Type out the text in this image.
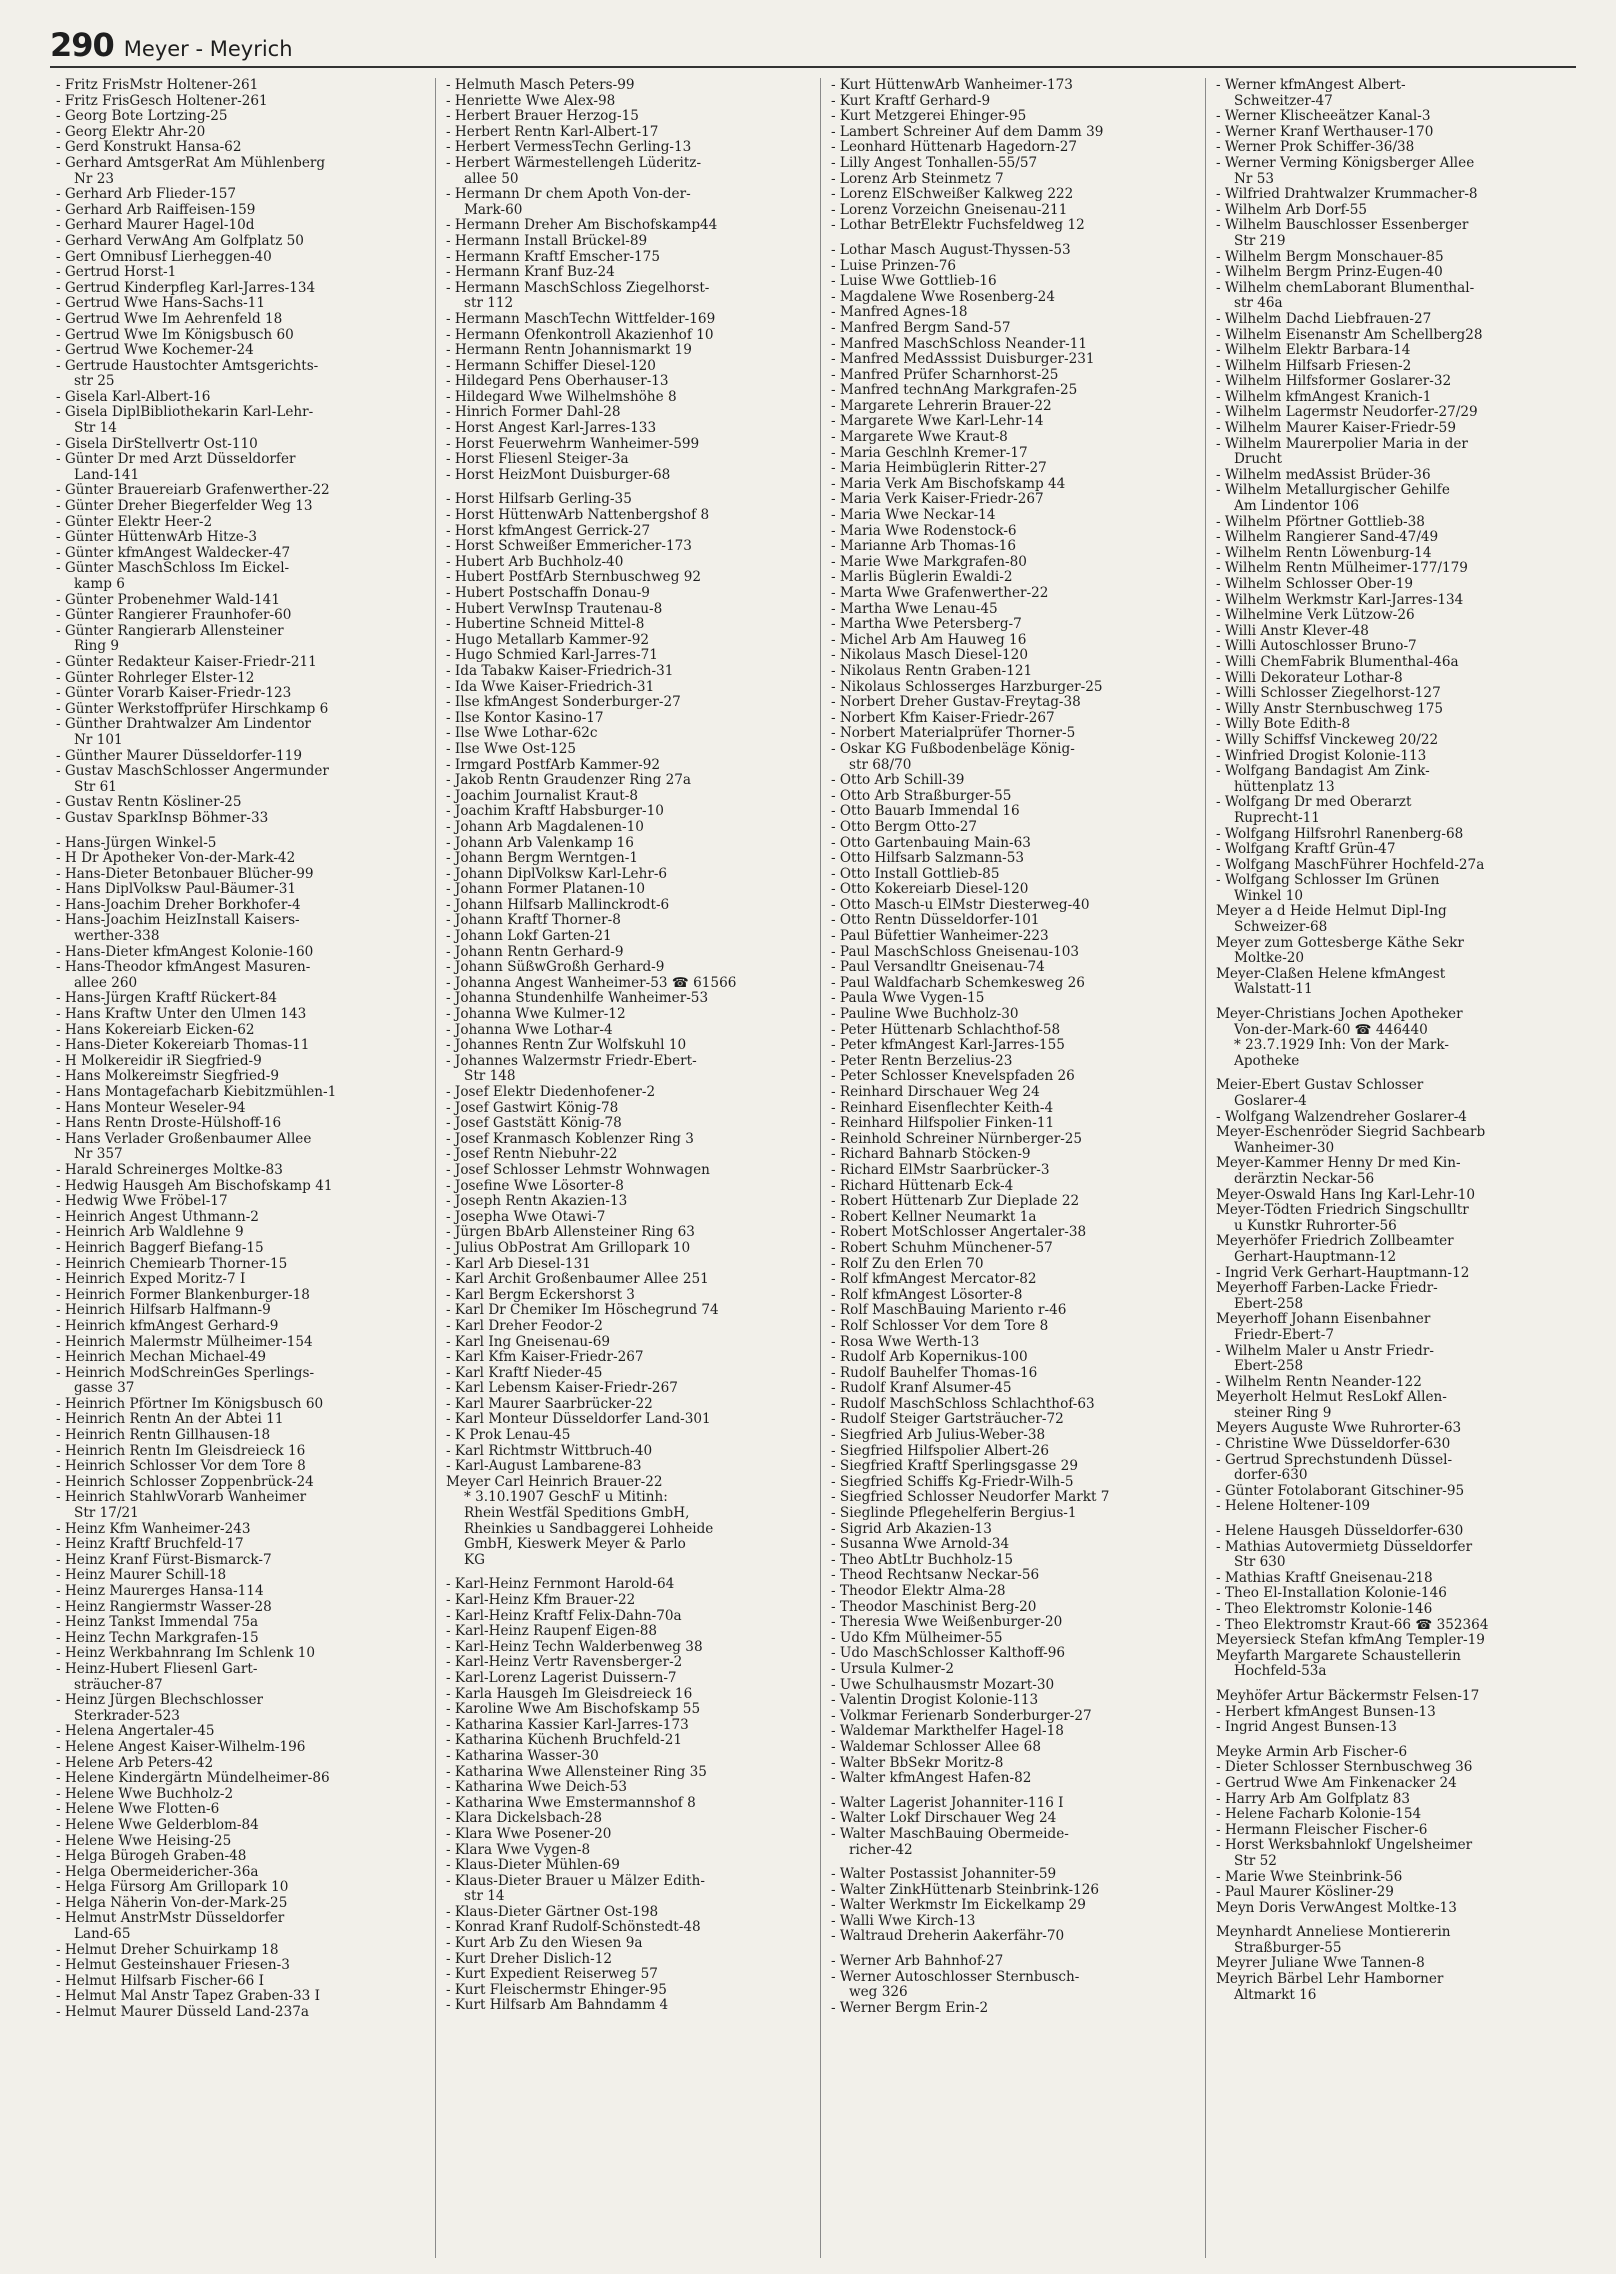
290 Meyer - Meyrich
- Fritz FrisMstr Holtener-261
- Fritz FrisGesch Holtener-261
- Georg Bote Lortzing-25
- Georg Elektr Ahr-20
- Gerd Konstrukt Hansa-62
- Gerhard AmtsgerRat Am Mühlenberg
Nr 23
- Gerhard Arb Flieder-157
- Gerhard Arb Raiffeisen-159
- Gerhard Maurer Hagel-10d
- Gerhard VerwAng Am Golfplatz 50
- Gert Omnibusf Lierheggen-40
- Gertrud Horst-1
- Gertrud Kinderpfleg Karl-Jarres-134
- Gertrud Wwe Hans-Sachs-11
- Gertrud Wwe Im Aehrenfeld 18
- Gertrud Wwe Im Königsbusch 60
- Gertrud Wwe Kochemer-24
- Gertrude Haustochter Amtsgerichts-
str 25
- Gisela Karl-Albert-16
- Gisela DiplBibliothekarin Karl-Lehr-
Str 14
- Gisela DirStellvertr Ost-110
- Günter Dr med Arzt Düsseldorfer
Land-141
- Günter Brauereiarb Grafenwerther-22
- Günter Dreher Biegerfelder Weg 13
- Günter Elektr Heer-2
- Günter HüttenwArb Hitze-3
- Günter kfmAngest Waldecker-47
- Günter MaschSchloss Im Eickel-
kamp 6
- Günter Probenehmer Wald-141
- Günter Rangierer Fraunhofer-60
- Günter Rangierarb Allensteiner
Ring 9
- Günter Redakteur Kaiser-Friedr-211
- Günter Rohrleger Elster-12
- Günter Vorarb Kaiser-Friedr-123
- Günter Werkstoffprüfer Hirschkamp 6
- Günther Drahtwalzer Am Lindentor
Nr 101
- Günther Maurer Düsseldorfer-119
- Gustav MaschSchlosser Angermunder
Str 61
- Gustav Rentn Kösliner-25
- Gustav SparkInsp Böhmer-33
- Hans-Jürgen Winkel-5
- H Dr Apotheker Von-der-Mark-42
- Hans-Dieter Betonbauer Blücher-99
- Hans DiplVolksw Paul-Bäumer-31
- Hans-Joachim Dreher Borkhofer-4
- Hans-Joachim HeizInstall Kaisers-
werther-338
- Hans-Dieter kfmAngest Kolonie-160
- Hans-Theodor kfmAngest Masuren-
allee 260
- Hans-Jürgen Kraftf Rückert-84
- Hans Kraftw Unter den Ulmen 143
- Hans Kokereiarb Eicken-62
- Hans-Dieter Kokereiarb Thomas-11
- H Molkereidir iR Siegfried-9
- Hans Molkereimstr Siegfried-9
- Hans Montagefacharb Kiebitzmühlen-1
- Hans Monteur Weseler-94
- Hans Rentn Droste-Hülshoff-16
- Hans Verlader Großenbaumer Allee
Nr 357
- Harald Schreinerges Moltke-83
- Hedwig Hausgeh Am Bischofskamp 41
- Hedwig Wwe Fröbel-17
- Heinrich Angest Uthmann-2
- Heinrich Arb Waldlehne 9
- Heinrich Baggerf Biefang-15
- Heinrich Chemiearb Thorner-15
- Heinrich Exped Moritz-7 I
- Heinrich Former Blankenburger-18
- Heinrich Hilfsarb Halfmann-9
- Heinrich kfmAngest Gerhard-9
- Heinrich Malermstr Mülheimer-154
- Heinrich Mechan Michael-49
- Heinrich ModSchreinGes Sperlings-
gasse 37
- Heinrich Pförtner Im Königsbusch 60
- Heinrich Rentn An der Abtei 11
- Heinrich Rentn Gillhausen-18
- Heinrich Rentn Im Gleisdreieck 16
- Heinrich Schlosser Vor dem Tore 8
- Heinrich Schlosser Zoppenbrück-24
- Heinrich StahlwVorarb Wanheimer
Str 17/21
- Heinz Kfm Wanheimer-243
- Heinz Kraftf Bruchfeld-17
- Heinz Kranf Fürst-Bismarck-7
- Heinz Maurer Schill-18
- Heinz Maurerges Hansa-114
- Heinz Rangiermstr Wasser-28
- Heinz Tankst Immendal 75a
- Heinz Techn Markgrafen-15
- Heinz Werkbahnrang Im Schlenk 10
- Heinz-Hubert Fliesenl Gart-
sträucher-87
- Heinz Jürgen Blechschlosser
Sterkrader-523
- Helena Angertaler-45
- Helene Angest Kaiser-Wilhelm-196
- Helene Arb Peters-42
- Helene Kindergärtn Mündelheimer-86
- Helene Wwe Buchholz-2
- Helene Wwe Flotten-6
- Helene Wwe Gelderblom-84
- Helene Wwe Heising-25
- Helga Bürogeh Graben-48
- Helga Obermeidericher-36a
- Helga Fürsorg Am Grillopark 10
- Helga Näherin Von-der-Mark-25
- Helmut AnstrMstr Düsseldorfer
Land-65
- Helmut Dreher Schuirkamp 18
- Helmut Gesteinshauer Friesen-3
- Helmut Hilfsarb Fischer-66 I
- Helmut Mal Anstr Tapez Graben-33 I
- Helmut Maurer Düsseld Land-237a
- Helmuth Masch Peters-99
- Henriette Wwe Alex-98
- Herbert Brauer Herzog-15
- Herbert Rentn Karl-Albert-17
- Herbert VermessTechn Gerling-13
- Herbert Wärmestellengeh Lüderitz-
allee 50
- Hermann Dr chem Apoth Von-der-
Mark-60
- Hermann Dreher Am Bischofskamp44
- Hermann Install Brückel-89
- Hermann Kraftf Emscher-175
- Hermann Kranf Buz-24
- Hermann MaschSchloss Ziegelhorst-
str 112
- Hermann MaschTechn Wittfelder-169
- Hermann Ofenkontroll Akazienhof 10
- Hermann Rentn Johannismarkt 19
- Hermann Schiffer Diesel-120
- Hildegard Pens Oberhauser-13
- Hildegard Wwe Wilhelmshöhe 8
- Hinrich Former Dahl-28
- Horst Angest Karl-Jarres-133
- Horst Feuerwehrm Wanheimer-599
- Horst Fliesenl Steiger-3a
- Horst HeizMont Duisburger-68
- Horst Hilfsarb Gerling-35
- Horst HüttenwArb Nattenbergshof 8
- Horst kfmAngest Gerrick-27
- Horst Schweißer Emmericher-173
- Hubert Arb Buchholz-40
- Hubert PostfArb Sternbuschweg 92
- Hubert Postschaffn Donau-9
- Hubert VerwInsp Trautenau-8
- Hubertine Schneid Mittel-8
- Hugo Metallarb Kammer-92
- Hugo Schmied Karl-Jarres-71
- Ida Tabakw Kaiser-Friedrich-31
- Ida Wwe Kaiser-Friedrich-31
- Ilse kfmAngest Sonderburger-27
- Ilse Kontor Kasino-17
- Ilse Wwe Lothar-62c
- Ilse Wwe Ost-125
- Irmgard PostfArb Kammer-92
- Jakob Rentn Graudenzer Ring 27a
- Joachim Journalist Kraut-8
- Joachim Kraftf Habsburger-10
- Johann Arb Magdalenen-10
- Johann Arb Valenkamp 16
- Johann Bergm Werntgen-1
- Johann DiplVolksw Karl-Lehr-6
- Johann Former Platanen-10
- Johann Hilfsarb Mallinckrodt-6
- Johann Kraftf Thorner-8
- Johann Lokf Garten-21
- Johann Rentn Gerhard-9
- Johann SüßwGroßh Gerhard-9
- Johanna Angest Wanheimer-53 ☎ 61566
- Johanna Stundenhilfe Wanheimer-53
- Johanna Wwe Kulmer-12
- Johanna Wwe Lothar-4
- Johannes Rentn Zur Wolfskuhl 10
- Johannes Walzermstr Friedr-Ebert-
Str 148
- Josef Elektr Diedenhofener-2
- Josef Gastwirt König-78
- Josef Gaststätt König-78
- Josef Kranmasch Koblenzer Ring 3
- Josef Rentn Niebuhr-22
- Josef Schlosser Lehmstr Wohnwagen
- Josefine Wwe Lösorter-8
- Joseph Rentn Akazien-13
- Josepha Wwe Otawi-7
- Jürgen BbArb Allensteiner Ring 63
- Julius ObPostrat Am Grillopark 10
- Karl Arb Diesel-131
- Karl Archit Großenbaumer Allee 251
- Karl Bergm Eckershorst 3
- Karl Dr Chemiker Im Höschegrund 74
- Karl Dreher Feodor-2
- Karl Ing Gneisenau-69
- Karl Kfm Kaiser-Friedr-267
- Karl Kraftf Nieder-45
- Karl Lebensm Kaiser-Friedr-267
- Karl Maurer Saarbrücker-22
- Karl Monteur Düsseldorfer Land-301
- K Prok Lenau-45
- Karl Richtmstr Wittbruch-40
- Karl-August Lambarene-83
Meyer Carl Heinrich Brauer-22
* 3.10.1907 GeschF u Mitinh:
Rhein Westfäl Speditions GmbH,
Rheinkies u Sandbaggerei Lohheide
GmbH, Kieswerk Meyer & Parlo
KG
- Karl-Heinz Fernmont Harold-64
- Karl-Heinz Kfm Brauer-22
- Karl-Heinz Kraftf Felix-Dahn-70a
- Karl-Heinz Raupenf Eigen-88
- Karl-Heinz Techn Walderbenweg 38
- Karl-Heinz Vertr Ravensberger-2
- Karl-Lorenz Lagerist Duissern-7
- Karla Hausgeh Im Gleisdreieck 16
- Karoline Wwe Am Bischofskamp 55
- Katharina Kassier Karl-Jarres-173
- Katharina Küchenh Bruchfeld-21
- Katharina Wasser-30
- Katharina Wwe Allensteiner Ring 35
- Katharina Wwe Deich-53
- Katharina Wwe Emstermannshof 8
- Klara Dickelsbach-28
- Klara Wwe Posener-20
- Klara Wwe Vygen-8
- Klaus-Dieter Mühlen-69
- Klaus-Dieter Brauer u Mälzer Edith-
str 14
- Klaus-Dieter Gärtner Ost-198
- Konrad Kranf Rudolf-Schönstedt-48
- Kurt Arb Zu den Wiesen 9a
- Kurt Dreher Dislich-12
- Kurt Expedient Reiserweg 57
- Kurt Fleischermstr Ehinger-95
- Kurt Hilfsarb Am Bahndamm 4
- Kurt HüttenwArb Wanheimer-173
- Kurt Kraftf Gerhard-9
- Kurt Metzgerei Ehinger-95
- Lambert Schreiner Auf dem Damm 39
- Leonhard Hüttenarb Hagedorn-27
- Lilly Angest Tonhallen-55/57
- Lorenz Arb Steinmetz 7
- Lorenz ElSchweißer Kalkweg 222
- Lorenz Vorzeichn Gneisenau-211
- Lothar BetrElektr Fuchsfeldweg 12
- Lothar Masch August-Thyssen-53
- Luise Prinzen-76
- Luise Wwe Gottlieb-16
- Magdalene Wwe Rosenberg-24
- Manfred Agnes-18
- Manfred Bergm Sand-57
- Manfred MaschSchloss Neander-11
- Manfred MedAsssist Duisburger-231
- Manfred Prüfer Scharnhorst-25
- Manfred technAng Markgrafen-25
- Margarete Lehrerin Brauer-22
- Margarete Wwe Karl-Lehr-14
- Margarete Wwe Kraut-8
- Maria Geschlnh Kremer-17
- Maria Heimbüglerin Ritter-27
- Maria Verk Am Bischofskamp 44
- Maria Verk Kaiser-Friedr-267
- Maria Wwe Neckar-14
- Maria Wwe Rodenstock-6
- Marianne Arb Thomas-16
- Marie Wwe Markgrafen-80
- Marlis Büglerin Ewaldi-2
- Marta Wwe Grafenwerther-22
- Martha Wwe Lenau-45
- Martha Wwe Petersberg-7
- Michel Arb Am Hauweg 16
- Nikolaus Masch Diesel-120
- Nikolaus Rentn Graben-121
- Nikolaus Schlosserges Harzburger-25
- Norbert Dreher Gustav-Freytag-38
- Norbert Kfm Kaiser-Friedr-267
- Norbert Materialprüfer Thorner-5
- Oskar KG Fußbodenbeläge König-
str 68/70
- Otto Arb Schill-39
- Otto Arb Straßburger-55
- Otto Bauarb Immendal 16
- Otto Bergm Otto-27
- Otto Gartenbauing Main-63
- Otto Hilfsarb Salzmann-53
- Otto Install Gottlieb-85
- Otto Kokereiarb Diesel-120
- Otto Masch-u ElMstr Diesterweg-40
- Otto Rentn Düsseldorfer-101
- Paul Büfettier Wanheimer-223
- Paul MaschSchloss Gneisenau-103
- Paul Versandltr Gneisenau-74
- Paul Waldfacharb Schemkesweg 26
- Paula Wwe Vygen-15
- Pauline Wwe Buchholz-30
- Peter Hüttenarb Schlachthof-58
- Peter kfmAngest Karl-Jarres-155
- Peter Rentn Berzelius-23
- Peter Schlosser Knevelspfaden 26
- Reinhard Dirschauer Weg 24
- Reinhard Eisenflechter Keith-4
- Reinhard Hilfspolier Finken-11
- Reinhold Schreiner Nürnberger-25
- Richard Bahnarb Stöcken-9
- Richard ElMstr Saarbrücker-3
- Richard Hüttenarb Eck-4
- Robert Hüttenarb Zur Dieplade 22
- Robert Kellner Neumarkt 1a
- Robert MotSchlosser Angertaler-38
- Robert Schuhm Münchener-57
- Rolf Zu den Erlen 70
- Rolf kfmAngest Mercator-82
- Rolf kfmAngest Lösorter-8
- Rolf MaschBauing Mariento r-46
- Rolf Schlosser Vor dem Tore 8
- Rosa Wwe Werth-13
- Rudolf Arb Kopernikus-100
- Rudolf Bauhelfer Thomas-16
- Rudolf Kranf Alsumer-45
- Rudolf MaschSchloss Schlachthof-63
- Rudolf Steiger Gartsträucher-72
- Siegfried Arb Julius-Weber-38
- Siegfried Hilfspolier Albert-26
- Siegfried Kraftf Sperlingsgasse 29
- Siegfried Schiffs Kg-Friedr-Wilh-5
- Siegfried Schlosser Neudorfer Markt 7
- Sieglinde Pflegehelferin Bergius-1
- Sigrid Arb Akazien-13
- Susanna Wwe Arnold-34
- Theo AbtLtr Buchholz-15
- Theod Rechtsanw Neckar-56
- Theodor Elektr Alma-28
- Theodor Maschinist Berg-20
- Theresia Wwe Weißenburger-20
- Udo Kfm Mülheimer-55
- Udo MaschSchlosser Kalthoff-96
- Ursula Kulmer-2
- Uwe Schulhausmstr Mozart-30
- Valentin Drogist Kolonie-113
- Volkmar Ferienarb Sonderburger-27
- Waldemar Markthelfer Hagel-18
- Waldemar Schlosser Allee 68
- Walter BbSekr Moritz-8
- Walter kfmAngest Hafen-82
- Walter Lagerist Johanniter-116 I
- Walter Lokf Dirschauer Weg 24
- Walter MaschBauing Obermeide-
richer-42
- Walter Postassist Johanniter-59
- Walter ZinkHüttenarb Steinbrink-126
- Walter Werkmstr Im Eickelkamp 29
- Walli Wwe Kirch-13
- Waltraud Dreherin Aakerfähr-70
- Werner Arb Bahnhof-27
- Werner Autoschlosser Sternbusch-
weg 326
- Werner Bergm Erin-2
- Werner kfmAngest Albert-
Schweitzer-47
- Werner Klischeeätzer Kanal-3
- Werner Kranf Werthauser-170
- Werner Prok Schiffer-36/38
- Werner Verming Königsberger Allee
Nr 53
- Wilfried Drahtwalzer Krummacher-8
- Wilhelm Arb Dorf-55
- Wilhelm Bauschlosser Essenberger
Str 219
- Wilhelm Bergm Monschauer-85
- Wilhelm Bergm Prinz-Eugen-40
- Wilhelm chemLaborant Blumenthal-
str 46a
- Wilhelm Dachd Liebfrauen-27
- Wilhelm Eisenanstr Am Schellberg28
- Wilhelm Elektr Barbara-14
- Wilhelm Hilfsarb Friesen-2
- Wilhelm Hilfsformer Goslarer-32
- Wilhelm kfmAngest Kranich-1
- Wilhelm Lagermstr Neudorfer-27/29
- Wilhelm Maurer Kaiser-Friedr-59
- Wilhelm Maurerpolier Maria in der
Drucht
- Wilhelm medAssist Brüder-36
- Wilhelm Metallurgischer Gehilfe
Am Lindentor 106
- Wilhelm Pförtner Gottlieb-38
- Wilhelm Rangierer Sand-47/49
- Wilhelm Rentn Löwenburg-14
- Wilhelm Rentn Mülheimer-177/179
- Wilhelm Schlosser Ober-19
- Wilhelm Werkmstr Karl-Jarres-134
- Wilhelmine Verk Lützow-26
- Willi Anstr Klever-48
- Willi Autoschlosser Bruno-7
- Willi ChemFabrik Blumenthal-46a
- Willi Dekorateur Lothar-8
- Willi Schlosser Ziegelhorst-127
- Willy Anstr Sternbuschweg 175
- Willy Bote Edith-8
- Willy Schiffsf Vinckeweg 20/22
- Winfried Drogist Kolonie-113
- Wolfgang Bandagist Am Zink-
hüttenplatz 13
- Wolfgang Dr med Oberarzt
Ruprecht-11
- Wolfgang Hilfsrohrl Ranenberg-68
- Wolfgang Kraftf Grün-47
- Wolfgang MaschFührer Hochfeld-27a
- Wolfgang Schlosser Im Grünen
Winkel 10
Meyer a d Heide Helmut Dipl-Ing
Schweizer-68
Meyer zum Gottesberge Käthe Sekr
Moltke-20
Meyer-Claßen Helene kfmAngest
Walstatt-11
Meyer-Christians Jochen Apotheker
Von-der-Mark-60 ☎ 446440
* 23.7.1929 Inh: Von der Mark-
Apotheke
Meier-Ebert Gustav Schlosser
Goslarer-4
- Wolfgang Walzendreher Goslarer-4
Meyer-Eschenröder Siegrid Sachbearb
Wanheimer-30
Meyer-Kammer Henny Dr med Kin-
derärztin Neckar-56
Meyer-Oswald Hans Ing Karl-Lehr-10
Meyer-Tödten Friedrich Singschulltr
u Kunstkr Ruhrorter-56
Meyerhöfer Friedrich Zollbeamter
Gerhart-Hauptmann-12
- Ingrid Verk Gerhart-Hauptmann-12
Meyerhoff Farben-Lacke Friedr-
Ebert-258
Meyerhoff Johann Eisenbahner
Friedr-Ebert-7
- Wilhelm Maler u Anstr Friedr-
Ebert-258
- Wilhelm Rentn Neander-122
Meyerholt Helmut ResLokf Allen-
steiner Ring 9
Meyers Auguste Wwe Ruhrorter-63
- Christine Wwe Düsseldorfer-630
- Gertrud Sprechstundenh Düssel-
dorfer-630
- Günter Fotolaborant Gitschiner-95
- Helene Holtener-109
- Helene Hausgeh Düsseldorfer-630
- Mathias Autovermietg Düsseldorfer
Str 630
- Mathias Kraftf Gneisenau-218
- Theo El-Installation Kolonie-146
- Theo Elektromstr Kolonie-146
- Theo Elektromstr Kraut-66 ☎ 352364
Meyersieck Stefan kfmAng Templer-19
Meyfarth Margarete Schaustellerin
Hochfeld-53a
Meyhöfer Artur Bäckermstr Felsen-17
- Herbert kfmAngest Bunsen-13
- Ingrid Angest Bunsen-13
Meyke Armin Arb Fischer-6
- Dieter Schlosser Sternbuschweg 36
- Gertrud Wwe Am Finkenacker 24
- Harry Arb Am Golfplatz 83
- Helene Facharb Kolonie-154
- Hermann Fleischer Fischer-6
- Horst Werksbahnlokf Ungelsheimer
Str 52
- Marie Wwe Steinbrink-56
- Paul Maurer Kösliner-29
Meyn Doris VerwAngest Moltke-13
Meynhardt Anneliese Montiererin
Straßburger-55
Meyrer Juliane Wwe Tannen-8
Meyrich Bärbel Lehr Hamborner
Altmarkt 16
